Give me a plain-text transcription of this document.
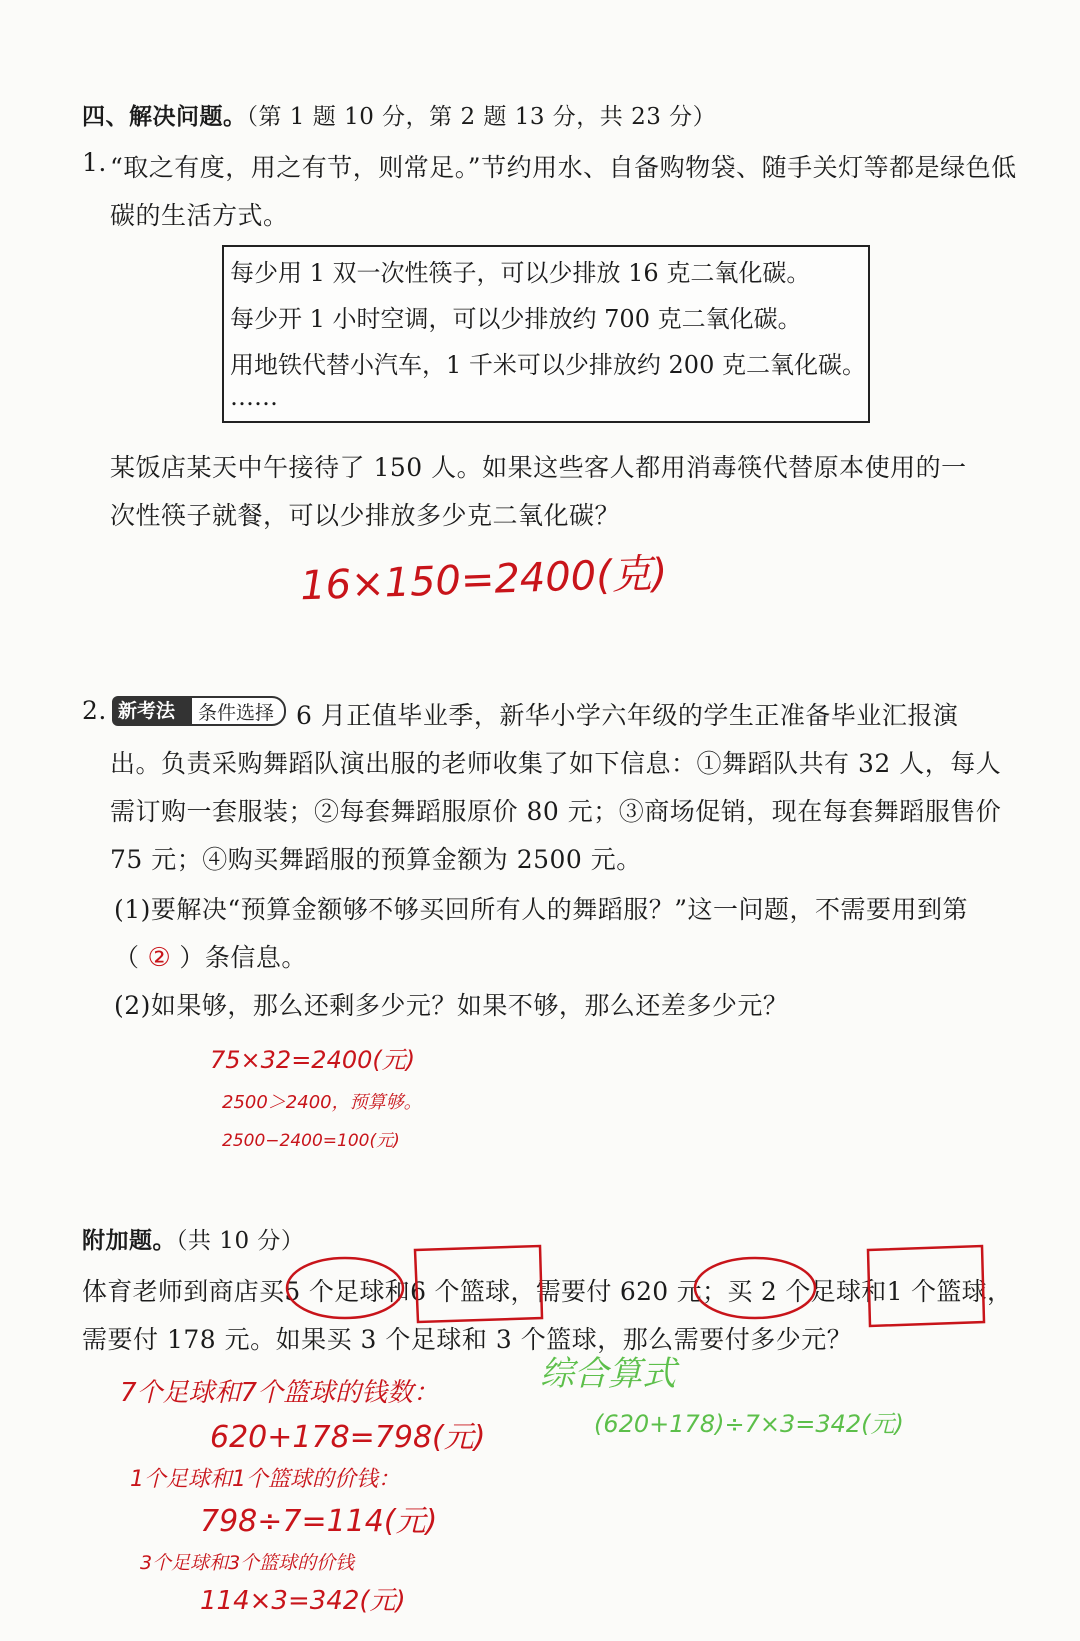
四、解决问题。（第 1 题 10 分，第 2 题 13 分，共 23 分）
1. “取之有度，用之有节，则常足。”节约用水、自备购物袋、随手关灯等都是绿色低
碳的生活方式。
每少用 1 双一次性筷子，可以少排放 16 克二氧化碳。
每少开 1 小时空调，可以少排放约 700 克二氧化碳。
用地铁代替小汽车，1 千米可以少排放约 200 克二氧化碳。
……
某饭店某天中午接待了 150 人。如果这些客人都用消毒筷代替原本使用的一
次性筷子就餐，可以少排放多少克二氧化碳？
16×150=2400(克)
2. 新考法	条件选择 6 月正值毕业季，新华小学六年级的学生正准备毕业汇报演
出。负责采购舞蹈队演出服的老师收集了如下信息：①舞蹈队共有 32 人，每人
需订购一套服装；②每套舞蹈服原价 80 元；③商场促销，现在每套舞蹈服售价
75 元；④购买舞蹈服的预算金额为 2500 元。
(1)要解决“预算金额够不够买回所有人的舞蹈服？”这一问题，不需要用到第
（ ② ）条信息。
(2)如果够，那么还剩多少元？如果不够，那么还差多少元？
75×32=2400(元)
2500＞2400，预算够。
2500−2400=100(元)
附加题。（共 10 分）
体育老师到商店买5 个足球和6 个篮球，需要付 620 元；买 2 个足球和1 个篮球，
需要付 178 元。如果买 3 个足球和 3 个篮球，那么需要付多少元？
7个足球和7个篮球的钱数：
620+178=798(元)
1个足球和1个篮球的价钱：
798÷7=114(元)
3个足球和3个篮球的价钱
114×3=342(元)
综合算式
(620+178)÷7×3=342(元)
